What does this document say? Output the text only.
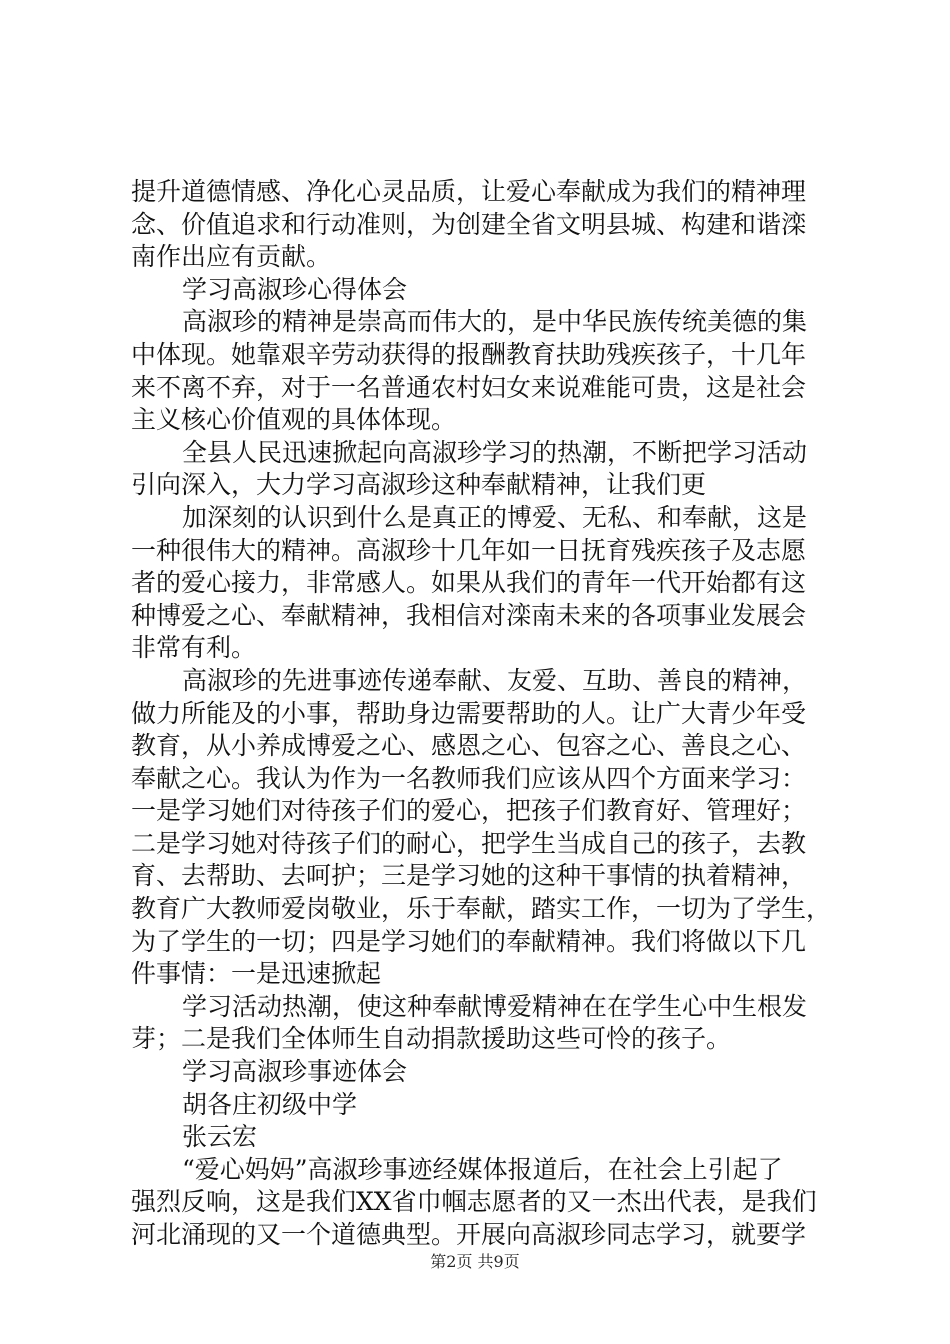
提升道德情感、净化心灵品质，让爱心奉献成为我们的精神理
念、价值追求和行动准则，为创建全省文明县城、构建和谐滦
南作出应有贡献。
学习高淑珍心得体会
高淑珍的精神是崇高而伟大的，是中华民族传统美德的集
中体现。她靠艰辛劳动获得的报酬教育扶助残疾孩子，十几年
来不离不弃，对于一名普通农村妇女来说难能可贵，这是社会
主义核心价值观的具体体现。
全县人民迅速掀起向高淑珍学习的热潮，不断把学习活动
引向深入，大力学习高淑珍这种奉献精神，让我们更
加深刻的认识到什么是真正的博爱、无私、和奉献，这是
一种很伟大的精神。高淑珍十几年如一日抚育残疾孩子及志愿
者的爱心接力，非常感人。如果从我们的青年一代开始都有这
种博爱之心、奉献精神，我相信对滦南未来的各项事业发展会
非常有利。
高淑珍的先进事迹传递奉献、友爱、互助、善良的精神，
做力所能及的小事，帮助身边需要帮助的人。让广大青少年受
教育，从小养成博爱之心、感恩之心、包容之心、善良之心、
奉献之心。我认为作为一名教师我们应该从四个方面来学习：
一是学习她们对待孩子们的爱心，把孩子们教育好、管理好；
二是学习她对待孩子们的耐心，把学生当成自己的孩子，去教
育、去帮助、去呵护；三是学习她的这种干事情的执着精神，
教育广大教师爱岗敬业，乐于奉献，踏实工作，一切为了学生，
为了学生的一切；四是学习她们的奉献精神。我们将做以下几
件事情：一是迅速掀起
学习活动热潮，使这种奉献博爱精神在在学生心中生根发
芽；二是我们全体师生自动捐款援助这些可怜的孩子。
学习高淑珍事迹体会
胡各庄初级中学
张云宏
“爱心妈妈”高淑珍事迹经媒体报道后，在社会上引起了
强烈反响，这是我们XX省巾帼志愿者的又一杰出代表，是我们
河北涌现的又一个道德典型。开展向高淑珍同志学习，就要学
第2页 共9页
